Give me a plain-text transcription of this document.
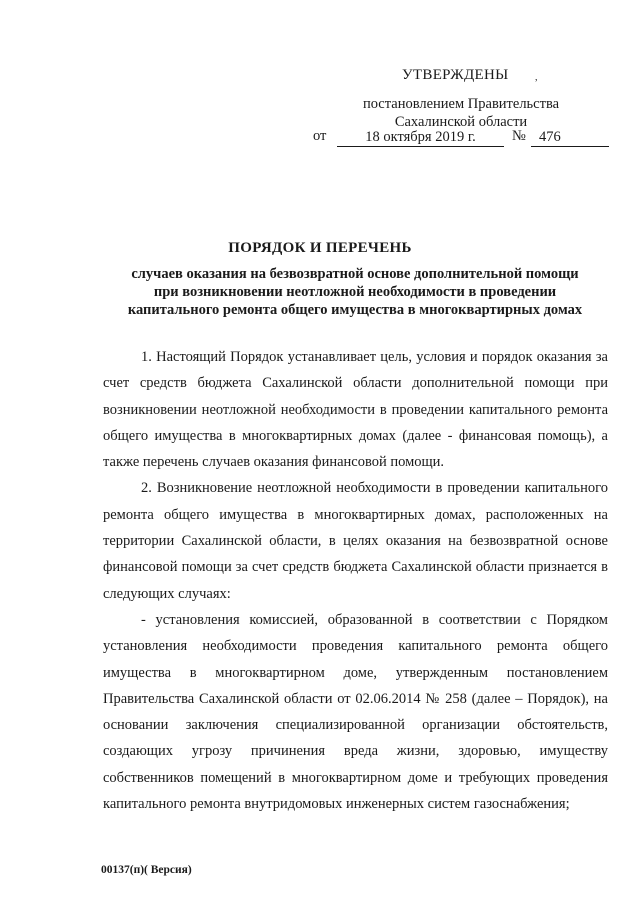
УТВЕРЖДЕНЫ	,
постановлением Правительства
Сахалинской области
от	18 октября 2019 г.	№ 476
ПОРЯДОК И ПЕРЕЧЕНЬ
случаев оказания на безвозвратной основе дополнительной помощи
при возникновении неотложной необходимости в проведении
капитального ремонта общего имущества в многоквартирных домах

1. Настоящий Порядок устанавливает цель, условия и порядок оказания за счет средств бюджета Сахалинской области дополнительной помощи при возникновении неотложной необходимости в проведении капитального ремонта общего имущества в многоквартирных домах (далее - финансовая помощь), а также перечень случаев оказания финансовой помощи.

2. Возникновение неотложной необходимости в проведении капитального ремонта общего имущества в многоквартирных домах, расположенных на территории Сахалинской области, в целях оказания на безвозвратной основе финансовой помощи за счет средств бюджета Сахалинской области признается в следующих случаях:

- установления комиссией, образованной в соответствии с Порядком установления необходимости проведения капитального ремонта общего имущества в многоквартирном доме, утвержденным постановлением Правительства Сахалинской области от 02.06.2014 № 258 (далее – Порядок), на основании заключения специализированной организации обстоятельств, создающих угрозу причинения вреда жизни, здоровью, имуществу собственников помещений в многоквартирном доме и требующих проведения капитального ремонта внутридомовых инженерных систем газоснабжения;

00137(п)( Версия)
